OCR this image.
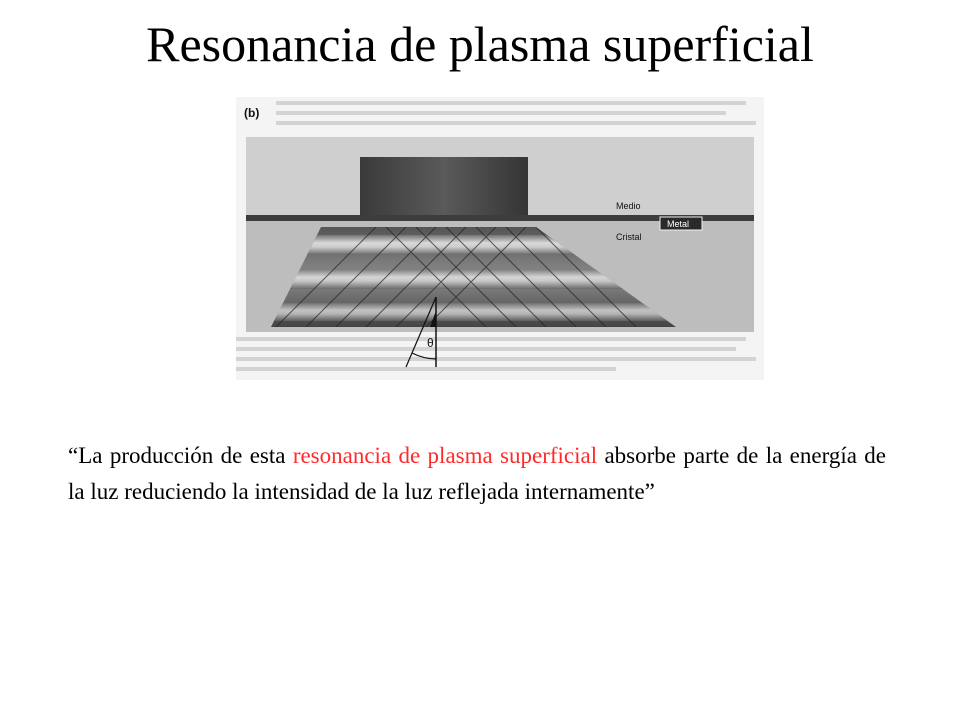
Resonancia de plasma superficial
θ
Metal
Medio
Cristal
(b)

“La producción de esta resonancia de plasma superficial absorbe parte de la energía de la luz reduciendo la intensidad de la luz reflejada internamente”
